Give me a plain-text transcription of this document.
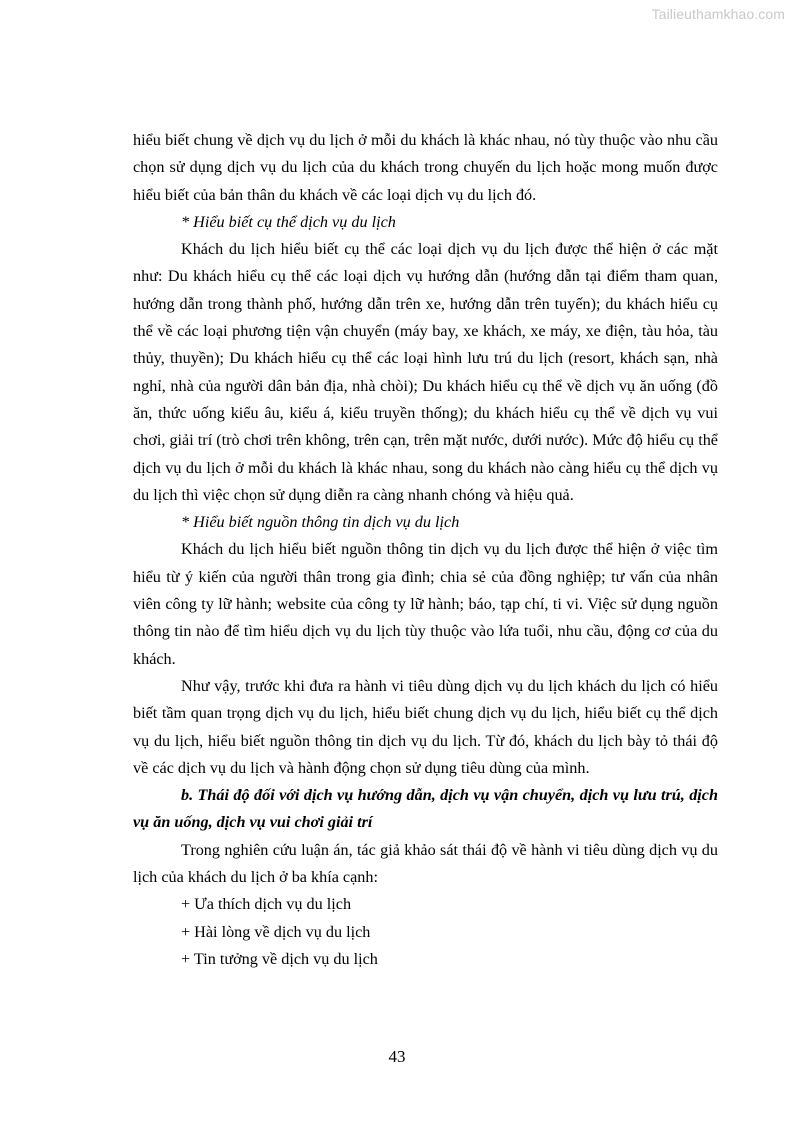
Tailieuthamkhao.com

hiểu biết chung về dịch vụ du lịch ở mỗi du khách là khác nhau, nó tùy thuộc vào nhu cầu chọn sử dụng dịch vụ du lịch của du khách trong chuyến du lịch hoặc mong muốn được hiểu biết của bản thân du khách về các loại dịch vụ du lịch đó.

* Hiểu biết cụ thể dịch vụ du lịch

Khách du lịch hiểu biết cụ thể các loại dịch vụ du lịch được thể hiện ở các mặt như: Du khách hiểu cụ thể các loại dịch vụ hướng dẫn (hướng dẫn tại điểm tham quan, hướng dẫn trong thành phố, hướng dẫn trên xe, hướng dẫn trên tuyến); du khách hiểu cụ thể về các loại phương tiện vận chuyển (máy bay, xe khách, xe máy, xe điện, tàu hỏa, tàu thủy, thuyền); Du khách hiểu cụ thể các loại hình lưu trú du lịch (resort, khách sạn, nhà nghỉ, nhà của người dân bản địa, nhà chòi); Du khách hiểu cụ thể về dịch vụ ăn uống (đồ ăn, thức uống kiểu âu, kiểu á, kiểu truyền thống); du khách hiểu cụ thể về dịch vụ vui chơi, giải trí (trò chơi trên không, trên cạn, trên mặt nước, dưới nước). Mức độ hiểu cụ thể dịch vụ du lịch ở mỗi du khách là khác nhau, song du khách nào càng hiểu cụ thể dịch vụ du lịch thì việc chọn sử dụng diễn ra càng nhanh chóng và hiệu quả.

* Hiểu biết nguồn thông tin dịch vụ du lịch

Khách du lịch hiểu biết nguồn thông tin dịch vụ du lịch được thể hiện ở việc tìm hiểu từ ý kiến của người thân trong gia đình; chia sẻ của đồng nghiệp; tư vấn của nhân viên công ty lữ hành; website của công ty lữ hành; báo, tạp chí, ti vi. Việc sử dụng nguồn thông tin nào để tìm hiểu dịch vụ du lịch tùy thuộc vào lứa tuổi, nhu cầu, động cơ của du khách.

Như vậy, trước khi đưa ra hành vi tiêu dùng dịch vụ du lịch khách du lịch có hiểu biết tầm quan trọng dịch vụ du lịch, hiểu biết chung dịch vụ du lịch, hiểu biết cụ thể dịch vụ du lịch, hiểu biết nguồn thông tin dịch vụ du lịch. Từ đó, khách du lịch bày tỏ thái độ về các dịch vụ du lịch và hành động chọn sử dụng tiêu dùng của mình.

b. Thái độ đối với dịch vụ hướng dẫn, dịch vụ vận chuyển, dịch vụ lưu trú, dịch vụ ăn uống, dịch vụ vui chơi giải trí

Trong nghiên cứu luận án, tác giả khảo sát thái độ về hành vi tiêu dùng dịch vụ du lịch của khách du lịch ở ba khía cạnh:

+ Ưa thích dịch vụ du lịch

+ Hài lòng về dịch vụ du lịch

+ Tin tưởng về dịch vụ du lịch

43
